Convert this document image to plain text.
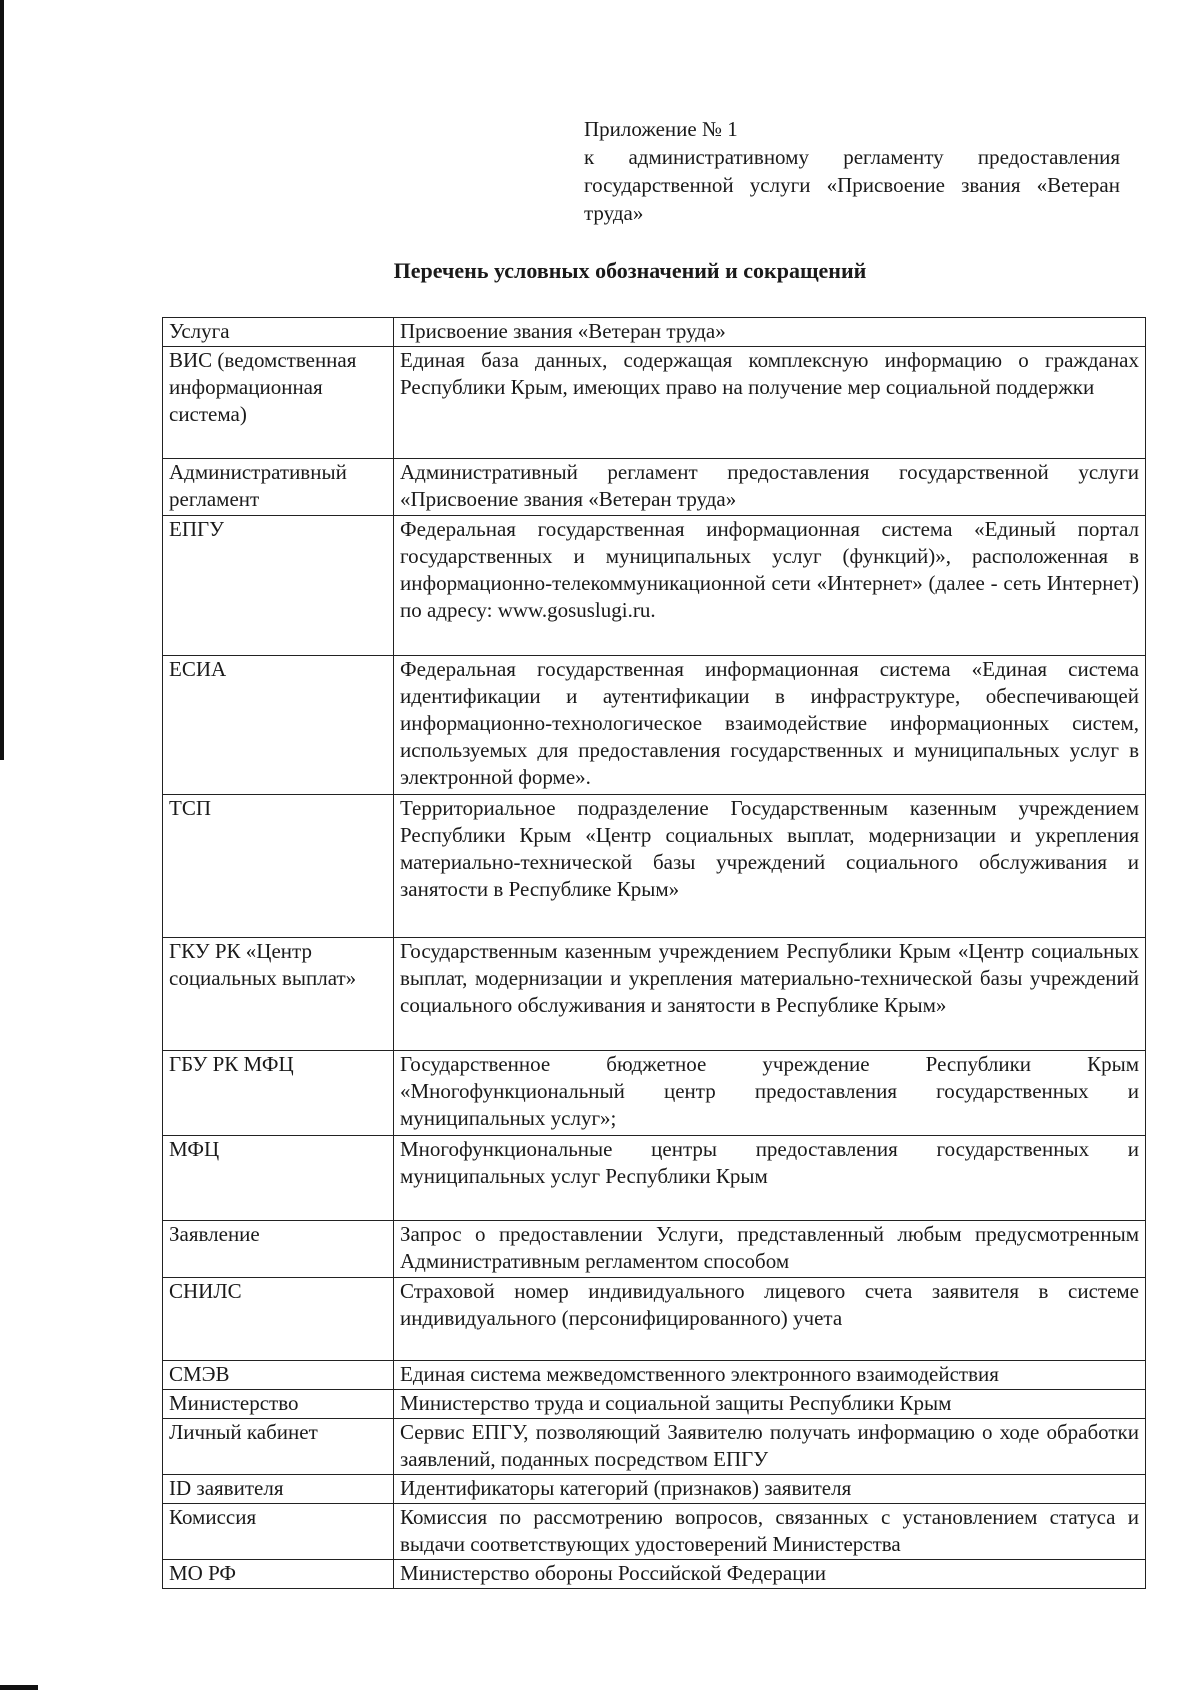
Приложение № 1
к административному регламенту предоставления государственной услуги «Присвоение звания «Ветеран труда»
Перечень условных обозначений и сокращений
Услуга	Присвоение звания «Ветеран труда»
ВИС (ведомственная информационная система)	Единая база данных, содержащая комплексную информацию о гражданах Республики Крым, имеющих право на получение мер социальной поддержки
Административный регламент	Административный регламент предоставления государственной услуги «Присвоение звания «Ветеран труда»
ЕПГУ	Федеральная государственная информационная система «Единый портал государственных и муниципальных услуг (функций)», расположенная в информационно-телекоммуникационной сети «Интернет» (далее - сеть Интернет) по адресу: www.gosuslugi.ru.
ЕСИА	Федеральная государственная информационная система «Единая система идентификации и аутентификации в инфраструктуре, обеспечивающей информационно-технологическое взаимодействие информационных систем, используемых для предоставления государственных и муниципальных услуг в электронной форме».
ТСП	Территориальное подразделение Государственным казенным учреждением Республики Крым «Центр социальных выплат, модернизации и укрепления материально-технической базы учреждений социального обслуживания и занятости в Республике Крым»
ГКУ РК «Центр социальных выплат»	Государственным казенным учреждением Республики Крым «Центр социальных выплат, модернизации и укрепления материально-технической базы учреждений социального обслуживания и занятости в Республике Крым»
ГБУ РК МФЦ	Государственное бюджетное учреждение Республики Крым «Многофункциональный центр предоставления государственных и муниципальных услуг»;
МФЦ	Многофункциональные центры предоставления государственных и муниципальных услуг Республики Крым
Заявление	Запрос о предоставлении Услуги, представленный любым предусмотренным Административным регламентом способом
СНИЛС	Страховой номер индивидуального лицевого счета заявителя в системе индивидуального (персонифицированного) учета
СМЭВ	Единая система межведомственного электронного взаимодействия
Министерство	Министерство труда и социальной защиты Республики Крым
Личный кабинет	Сервис ЕПГУ, позволяющий Заявителю получать информацию о ходе обработки заявлений, поданных посредством ЕПГУ
ID заявителя	Идентификаторы категорий (признаков) заявителя
Комиссия	Комиссия по рассмотрению вопросов, связанных с установлением статуса и выдачи соответствующих удостоверений Министерства
МО РФ	Министерство обороны Российской Федерации
